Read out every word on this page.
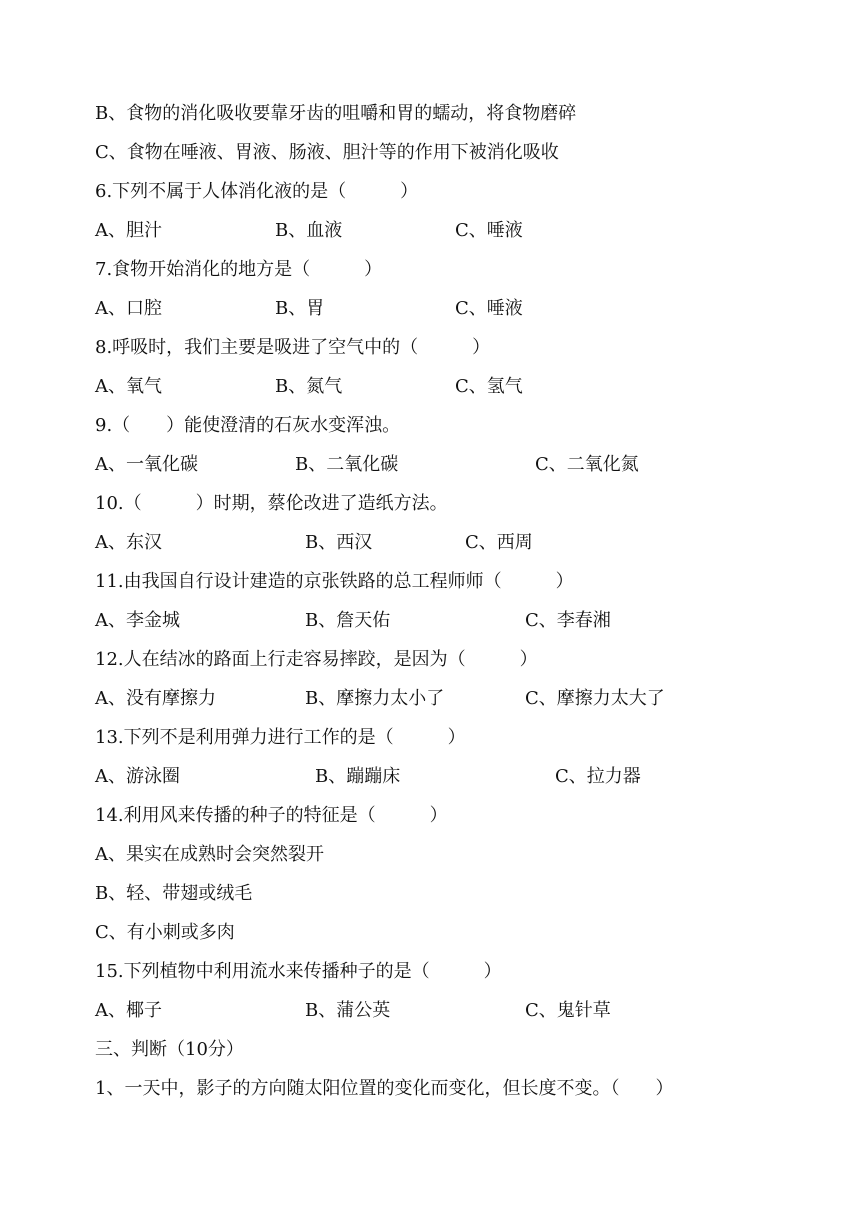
B、食物的消化吸收要靠牙齿的咀嚼和胃的蠕动，将食物磨碎
C、食物在唾液、胃液、肠液、胆汁等的作用下被消化吸收
6.下列不属于人体消化液的是（　　　）

A、胆汁

	B、血液

	C、唾液

7.食物开始消化的地方是（　　　）

A、口腔

	B、胃

	C、唾液

8.呼吸时，我们主要是吸进了空气中的（　　　）

A、氧气

	B、氮气

	C、氢气

9.（　　）能使澄清的石灰水变浑浊。

A、一氧化碳

	B、二氧化碳

	C、二氧化氮

10.（　　　）时期，蔡伦改进了造纸方法。

A、东汉

	B、西汉

	C、西周

11.由我国自行设计建造的京张铁路的总工程师师（　　　）

A、李金城

	B、詹天佑

	C、李春湘

12.人在结冰的路面上行走容易摔跤，是因为（　　　）

A、没有摩擦力

	B、摩擦力太小了

	C、摩擦力太大了

13.下列不是利用弹力进行工作的是（　　　）

A、游泳圈

	B、蹦蹦床

	C、拉力器

14.利用风来传播的种子的特征是（　　　）
A、果实在成熟时会突然裂开
B、轻、带翅或绒毛
C、有小刺或多肉
15.下列植物中利用流水来传播种子的是（　　　）

A、椰子

	B、蒲公英

	C、鬼针草

三、判断（10分）
1、一天中，影子的方向随太阳位置的变化而变化，但长度不变。（　　）
